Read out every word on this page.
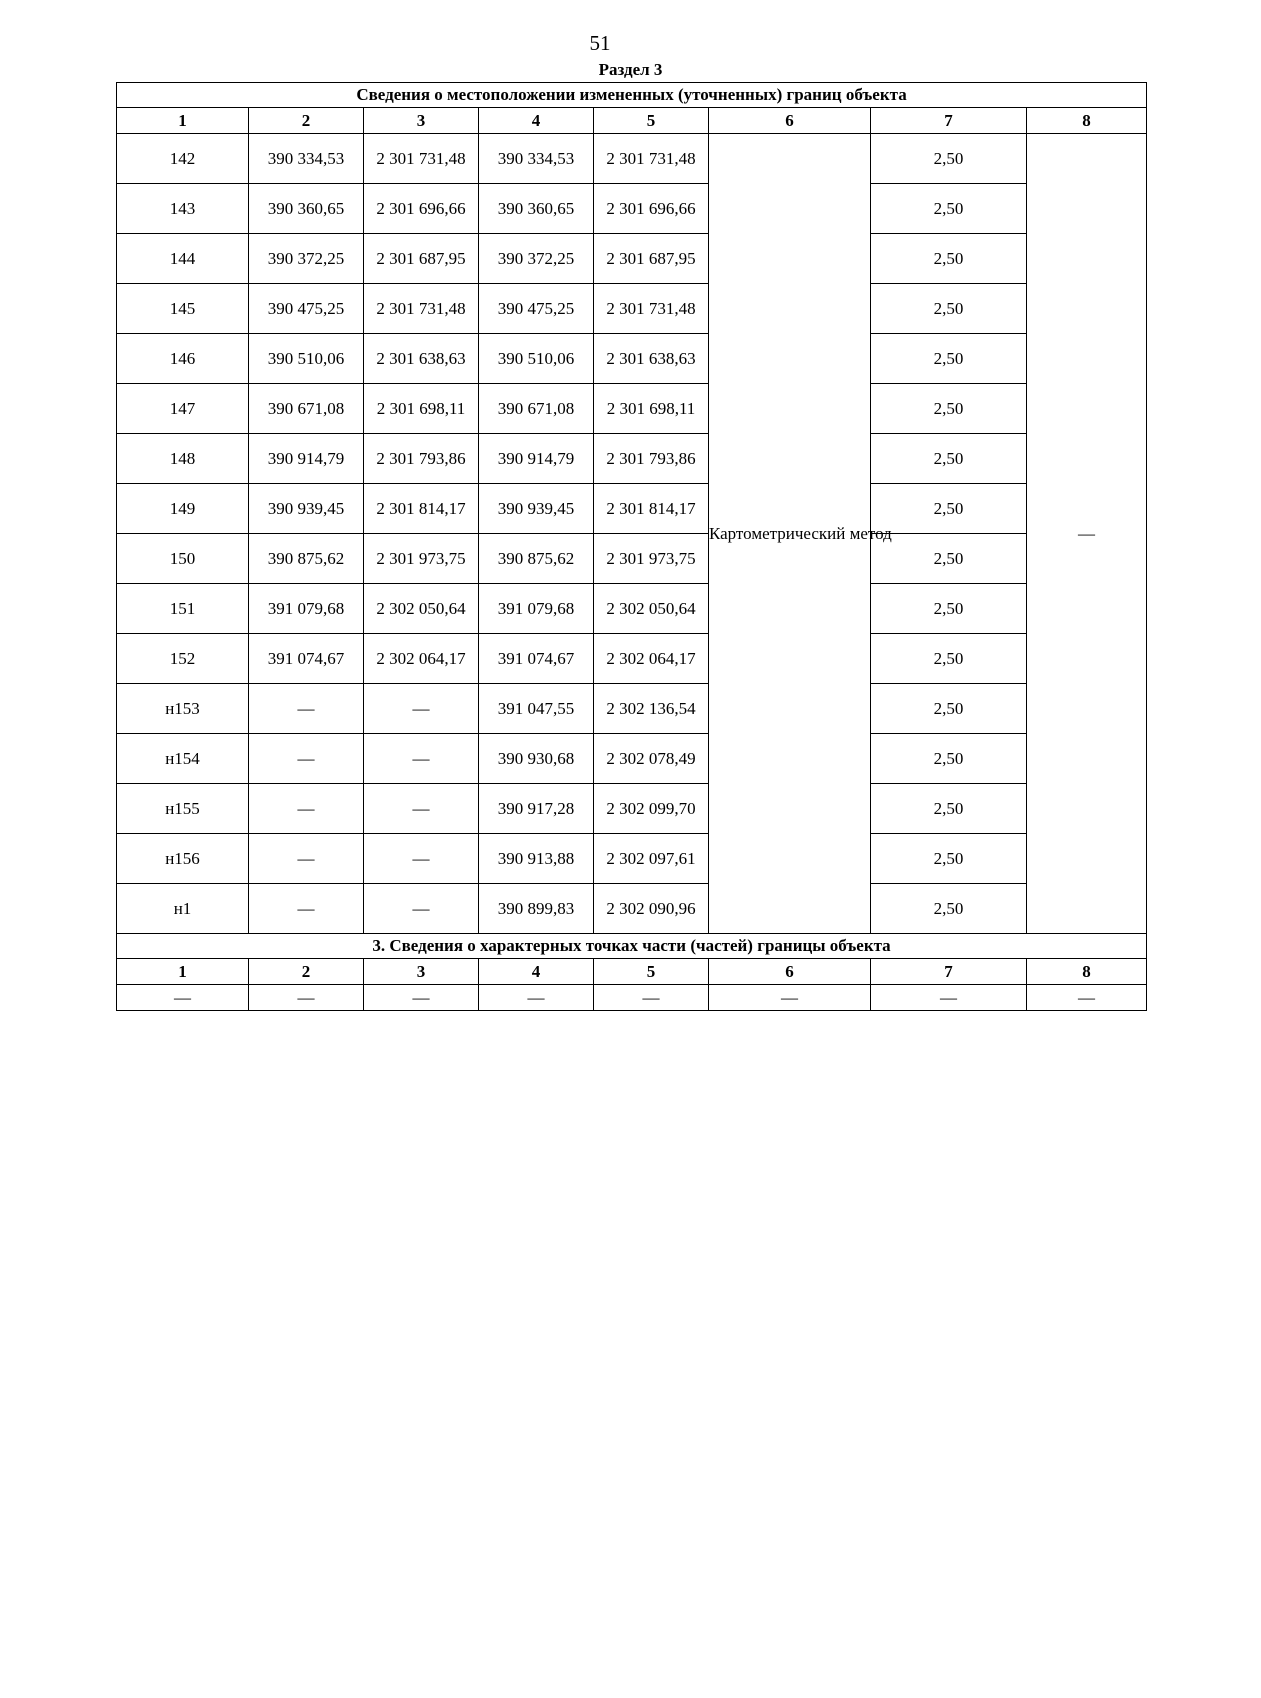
51
Раздел 3
Сведения о местоположении измененных (уточненных) границ объекта							
1	2	3	4	5	6	7	8
142	390 334,53	2 301 731,48	390 334,53	2 301 731,48	Картометрический метод	2,50	—
143	390 360,65	2 301 696,66	390 360,65	2 301 696,66		2,50	
144	390 372,25	2 301 687,95	390 372,25	2 301 687,95		2,50	
145	390 475,25	2 301 731,48	390 475,25	2 301 731,48		2,50	
146	390 510,06	2 301 638,63	390 510,06	2 301 638,63		2,50	
147	390 671,08	2 301 698,11	390 671,08	2 301 698,11		2,50	
148	390 914,79	2 301 793,86	390 914,79	2 301 793,86		2,50	
149	390 939,45	2 301 814,17	390 939,45	2 301 814,17		2,50	
150	390 875,62	2 301 973,75	390 875,62	2 301 973,75		2,50	
151	391 079,68	2 302 050,64	391 079,68	2 302 050,64		2,50	
152	391 074,67	2 302 064,17	391 074,67	2 302 064,17		2,50	
н153	—	—	391 047,55	2 302 136,54		2,50	
н154	—	—	390 930,68	2 302 078,49		2,50	
н155	—	—	390 917,28	2 302 099,70		2,50	
н156	—	—	390 913,88	2 302 097,61		2,50	
н1	—	—	390 899,83	2 302 090,96		2,50	
3. Сведения о характерных точках части (частей) границы объекта							
1	2	3	4	5	6	7	8
—	—	—	—	—	—	—	—
